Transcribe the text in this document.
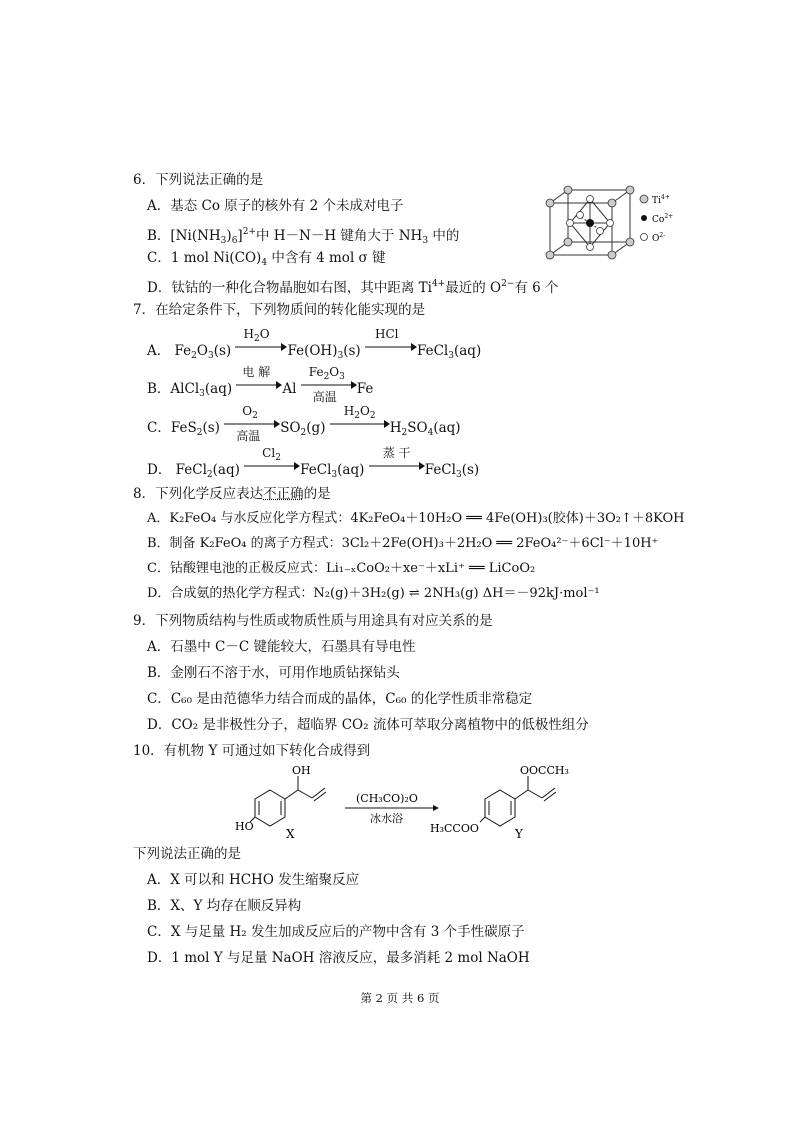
6．下列说法正确的是
A．基态 Co 原子的核外有 2 个未成对电子
B．$[Ni(NH_3)_6]^{2+}$中 H－N－H 键角大于 $NH_3$ 中的
C．1 mol $Ni(CO)_4$ 中含有 4 mol σ 键
D．钛钴的一种化合物晶胞如右图，其中距离 $Ti^{4+}$最近的 $O^{2-}$有 6 个
$Ti^{4+}$
$Co^{2+}$
$O^{2-}$
7．在给定条件下，下列物质间的转化能实现的是
A． $Fe_2O_3(s)$
$H_2O$
$Fe(OH)_3(s)$
HCl
FeCl$_3$(aq)
B．AlCl$_3$(aq)
电 解
Al
$Fe_2O_3$
高温 Fe
C．FeS$_2$(s)
$O_2$
高温 $SO_2(g)$
$H_2O_2$
$H_2SO_4(aq)$
D． FeCl$_2$(aq)
$Cl_2$
FeCl$_3$(aq)
蒸 干
FeCl$_3$(s)
8．下列化学反应表达不正确的是
A．K₂FeO₄ 与水反应化学方程式：4K₂FeO₄＋10H₂O ══ 4Fe(OH)₃(胶体)＋3O₂↑＋8KOH
B．制备 K₂FeO₄ 的离子方程式：3Cl₂＋2Fe(OH)₃＋2H₂O ══ 2FeO₄²⁻＋6Cl⁻＋10H⁺
C．钴酸锂电池的正极反应式：Li₁₋ₓCoO₂＋xe⁻＋xLi⁺ ══ LiCoO₂
D．合成氨的热化学方程式：N₂(g)＋3H₂(g) ⇌ 2NH₃(g) ΔH＝－92kJ·mol⁻¹
9．下列物质结构与性质或物质性质与用途具有对应关系的是
A．石墨中 C－C 键能较大，石墨具有导电性
B．金刚石不溶于水，可用作地质钻探钻头
C．C₆₀ 是由范德华力结合而成的晶体，C₆₀ 的化学性质非常稳定
D．CO₂ 是非极性分子，超临界 CO₂ 流体可萃取分离植物中的低极性组分
10．有机物 Y 可通过如下转化合成得到
OH
HO
X
(CH₃CO)₂O
冰水浴
OOCCH₃
H₃CCOO	Y
下列说法正确的是
A．X 可以和 HCHO 发生缩聚反应
B．X、Y 均存在顺反异构
C．X 与足量 H₂ 发生加成反应后的产物中含有 3 个手性碳原子
D．1 mol Y 与足量 NaOH 溶液反应，最多消耗 2 mol NaOH
第 2 页 共 6 页
